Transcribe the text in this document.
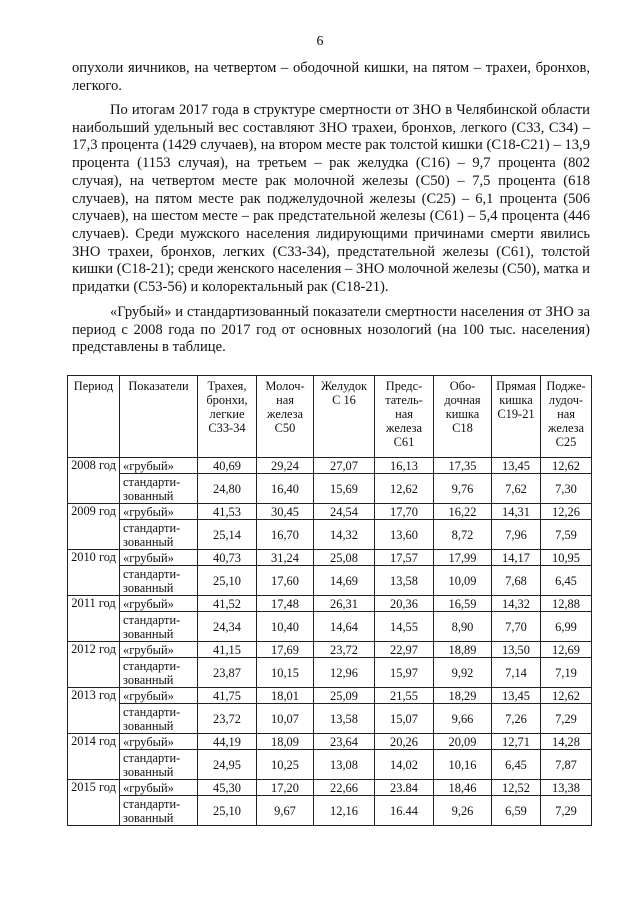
6

опухоли яичников, на четвертом – ободочной кишки, на пятом – трахеи, бронхов, легкого.

По итогам 2017 года в структуре смертности от ЗНО в Челябинской области наибольший удельный вес составляют ЗНО трахеи, бронхов, легкого (С33, С34) – 17,3 процента (1429 случаев), на втором месте рак толстой кишки (С18-С21) – 13,9 процента (1153 случая), на третьем – рак желудка (С16) – 9,7 процента (802 случая), на четвертом месте рак молочной железы (С50) – 7,5 процента (618 случаев), на пятом месте рак поджелудочной железы (С25) – 6,1 процента (506 случаев), на шестом месте – рак предстательной железы (С61) – 5,4 процента (446 случаев). Среди мужского населения лидирующими причинами смерти явились ЗНО трахеи, бронхов, легких (С33-34), предстательной железы (С61), толстой кишки (С18-21); среди женского населения – ЗНО молочной железы (С50), матка и придатки (С53-56) и колоректальный рак (С18-21).

«Грубый» и стандартизованный показатели смертности населения от ЗНО за период с 2008 года по 2017 год от основных нозологий (на 100 тыс. населения) представлены в таблице.

Период	Показатели	Трахея, бронхи, легкие С33-34	Молоч- ная железа С50	Желудок С 16	Предс- татель- ная железа С61	Обо- дочная кишка С18	Прямая кишка С19-21	Поджe- лудоч- ная железа С25

2008 год	«грубый»	40,69	29,24	27,07	16,13	17,35	13,45	12,62
	стандарти- зованный	24,80	16,40	15,69	12,62	9,76	7,62	7,30
2009 год	«грубый»	41,53	30,45	24,54	17,70	16,22	14,31	12,26
	стандарти- зованный	25,14	16,70	14,32	13,60	8,72	7,96	7,59
2010 год	«грубый»	40,73	31,24	25,08	17,57	17,99	14,17	10,95
	стандарти- зованный	25,10	17,60	14,69	13,58	10,09	7,68	6,45
2011 год	«грубый»	41,52	17,48	26,31	20,36	16,59	14,32	12,88
	стандарти- зованный	24,34	10,40	14,64	14,55	8,90	7,70	6,99
2012 год	«грубый»	41,15	17,69	23,72	22,97	18,89	13,50	12,69
	стандарти- зованный	23,87	10,15	12,96	15,97	9,92	7,14	7,19
2013 год	«грубый»	41,75	18,01	25,09	21,55	18,29	13,45	12,62
	стандарти- зованный	23,72	10,07	13,58	15,07	9,66	7,26	7,29
2014 год	«грубый»	44,19	18,09	23,64	20,26	20,09	12,71	14,28
	стандарти- зованный	24,95	10,25	13,08	14,02	10,16	6,45	7,87
2015 год	«грубый»	45,30	17,20	22,66	23.84	18,46	12,52	13,38
	стандарти- зованный	25,10	9,67	12,16	16.44	9,26	6,59	7,29
